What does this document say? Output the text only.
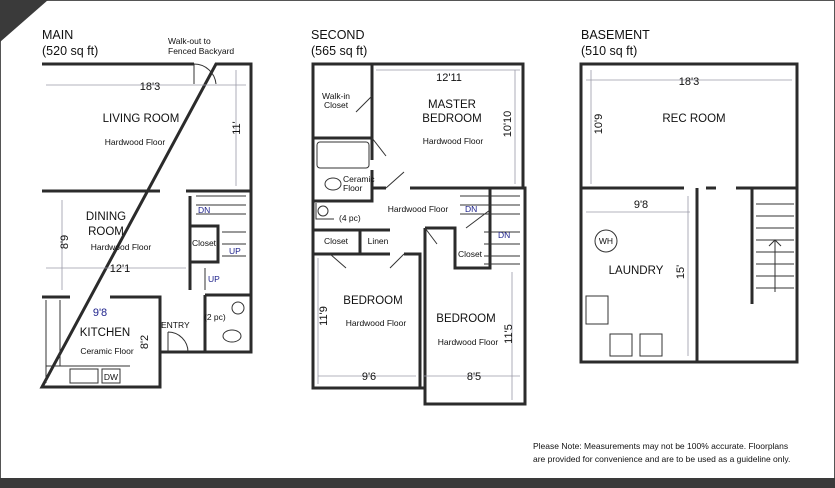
MAIN
(520 sq ft)
Walk-out to
Fenced Backyard
18'3
LIVING ROOM
Hardwood Floor
11'
DINING
ROOM
Hardwood Floor
8'9
12'1
DN
Closet
UP
UP
(2 pc)
ENTRY
9'8
KITCHEN
Ceramic Floor
8'2
DW
SECOND
(565 sq ft)
Walk-in
Closet
12'11
MASTER
BEDROOM
Hardwood Floor
10'10
Ceramic
Floor
(4 pc)
Hardwood Floor DN
DN
Closet Linen
Closet
BEDROOM
Hardwood Floor
11'9
9'6
BEDROOM
Hardwood Floor 11'5
8'5
BASEMENT
(510 sq ft)
18'3
REC ROOM
10'9
9'8
WH
LAUNDRY 15'
Please Note: Measurements may not be 100% accurate. Floorplans
are provided for convenience and are to be used as a guideline only.
